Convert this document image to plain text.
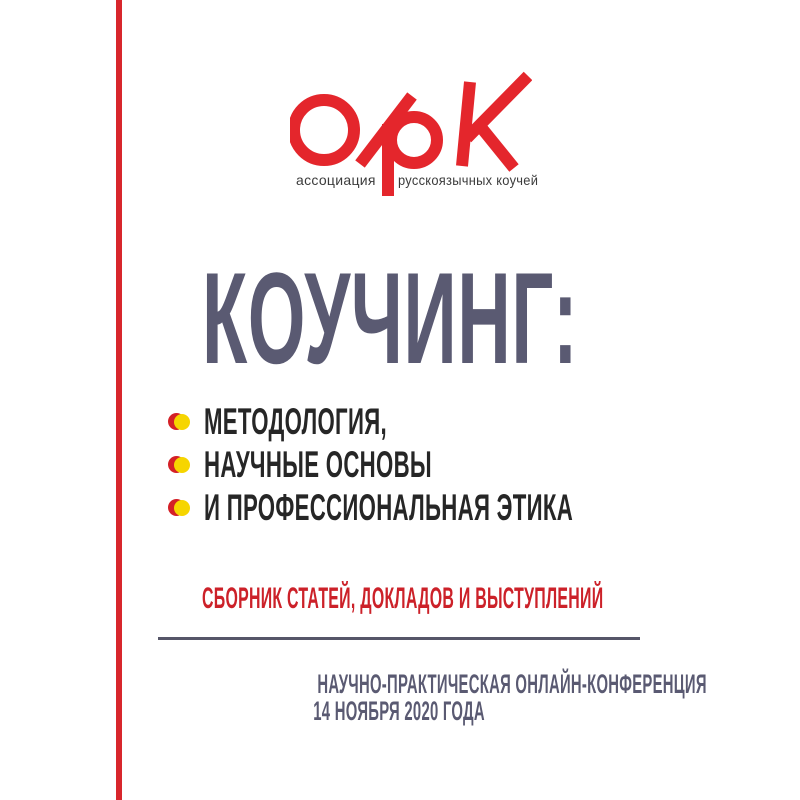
ассоциация русскоязычных коучей
КОУЧИНГ:
МЕТОДОЛОГИЯ,
НАУЧНЫЕ ОСНОВЫ
И ПРОФЕССИОНАЛЬНАЯ ЭТИКА
СБОРНИК СТАТЕЙ, ДОКЛАДОВ И ВЫСТУПЛЕНИЙ
НАУЧНО-ПРАКТИЧЕСКАЯ ОНЛАЙН-КОНФЕРЕНЦИЯ
14 НОЯБРЯ 2020 ГОДА
